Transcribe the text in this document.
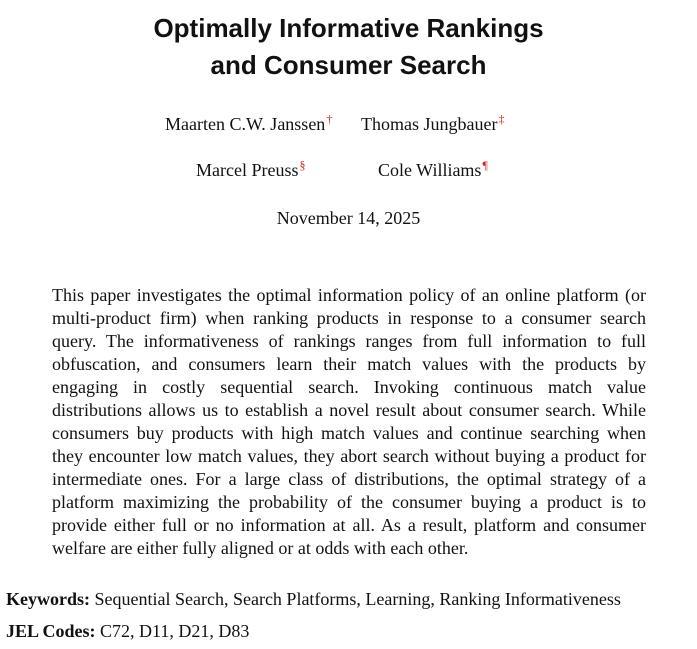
Optimally Informative Rankings
and Consumer Search
Maarten C.W. Janssen† Thomas Jungbauer‡
Marcel Preuss§	Cole Williams¶
November 14, 2025
This paper investigates the optimal information policy of an online platform (or multi-product firm) when ranking products in response to a consumer search query. The informativeness of rankings ranges from full information to full obfuscation, and consumers learn their match values with the products by engaging in costly sequential search. Invoking continuous match value distributions allows us to establish a novel result about consumer search. While consumers buy products with high match values and continue searching when they encounter low match values, they abort search without buying a product for intermediate ones. For a large class of distributions, the optimal strategy of a platform maximizing the probability of the consumer buying a product is to provide either full or no information at all. As a result, platform and consumer welfare are either fully aligned or at odds with each other.
Keywords: Sequential Search, Search Platforms, Learning, Ranking Informativeness
JEL Codes: C72, D11, D21, D83
